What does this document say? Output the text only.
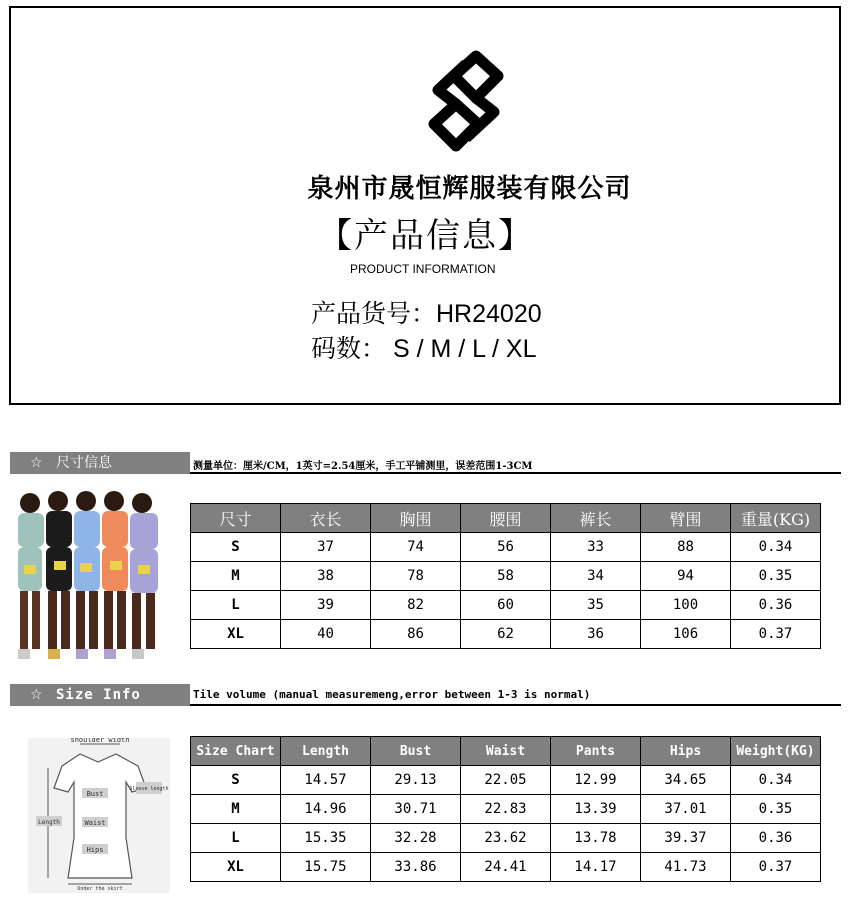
泉州市晟恒辉服装有限公司
【产品信息】
PRODUCT INFORMATION
产品货号：HR24020
码数： S / M / L / XL
☆ 尺寸信息	测量单位：厘米/CM，1英寸=2.54厘米，手工平铺测里，误差范围1-3CM
尺寸	衣长	胸围	腰围	裤长	臂围	重量(KG)
S	37	74	56	33	88	0.34
M	38	78	58	34	94	0.35
L	39	82	60	35	100	0.36
XL	40	86	62	36	106	0.37
☆ Size Info	Tile volume (manual measuremeng,error between 1-3 is normal)
shoulder width
Bust
Waist
Hips
Sleeve length
Length
Under the skirt
Size Chart	Length	Bust	Waist	Pants	Hips	Weight(KG)
S	14.57	29.13	22.05	12.99	34.65	0.34
M	14.96	30.71	22.83	13.39	37.01	0.35
L	15.35	32.28	23.62	13.78	39.37	0.36
XL	15.75	33.86	24.41	14.17	41.73	0.37
